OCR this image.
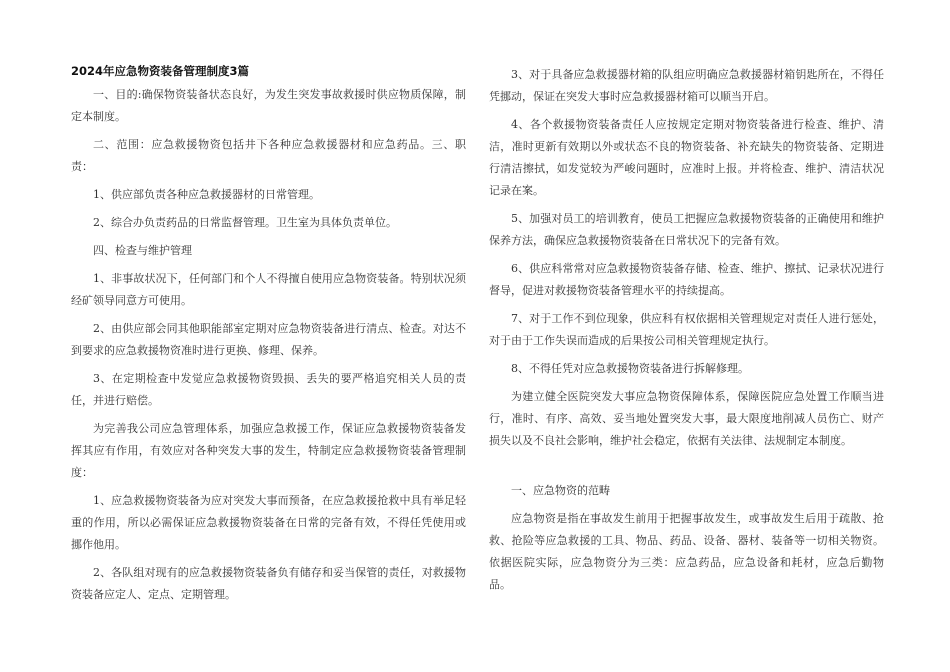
2024年应急物资装备管理制度3篇

一、目的:确保物资装备状态良好，为发生突发事故救援时供应物质保障，制定本制度。

二、范围：应急救援物资包括井下各种应急救援器材和应急药品。三、职责：

1、供应部负责各种应急救援器材的日常管理。

2、综合办负责药品的日常监督管理。卫生室为具体负责单位。

四、检查与维护管理

1、非事故状况下，任何部门和个人不得擅自使用应急物资装备。特别状况须经矿领导同意方可使用。

2、由供应部会同其他职能部室定期对应急物资装备进行清点、检查。对达不到要求的应急救援物资准时进行更换、修理、保养。

3、在定期检查中发觉应急救援物资毁损、丢失的要严格追究相关人员的责任，并进行赔偿。

为完善我公司应急管理体系，加强应急救援工作，保证应急救援物资装备发挥其应有作用，有效应对各种突发大事的发生，特制定应急救援物资装备管理制度：

1、应急救援物资装备为应对突发大事而预备，在应急救援抢救中具有举足轻重的作用，所以必需保证应急救援物资装备在日常的完备有效，不得任凭使用或挪作他用。

2、各队组对现有的应急救援物资装备负有储存和妥当保管的责任，对救援物资装备应定人、定点、定期管理。

3、对于具备应急救援器材箱的队组应明确应急救援器材箱钥匙所在，不得任凭挪动，保证在突发大事时应急救援器材箱可以顺当开启。

4、各个救援物资装备责任人应按规定定期对物资装备进行检查、维护、清洁，准时更新有效期以外或状态不良的物资装备、补充缺失的物资装备、定期进行清洁擦拭，如发觉较为严峻问题时，应准时上报。并将检查、维护、清洁状况记录在案。

5、加强对员工的培训教育，使员工把握应急救援物资装备的正确使用和维护保养方法，确保应急救援物资装备在日常状况下的完备有效。

6、供应科常常对应急救援物资装备存储、检查、维护、擦拭、记录状况进行督导，促进对救援物资装备管理水平的持续提高。

7、对于工作不到位现象，供应科有权依据相关管理规定对责任人进行惩处，对于由于工作失误而造成的后果按公司相关管理规定执行。

8、不得任凭对应急救援物资装备进行拆解修理。

为建立健全医院突发大事应急物资保障体系，保障医院应急处置工作顺当进行，准时、有序、高效、妥当地处置突发大事，最大限度地削减人员伤亡、财产损失以及不良社会影响，维护社会稳定，依据有关法律、法规制定本制度。

一、应急物资的范畴

应急物资是指在事故发生前用于把握事故发生，或事故发生后用于疏散、抢救、抢险等应急救援的工具、物品、药品、设备、器材、装备等一切相关物资。依据医院实际，应急物资分为三类：应急药品，应急设备和耗材，应急后勤物品。
